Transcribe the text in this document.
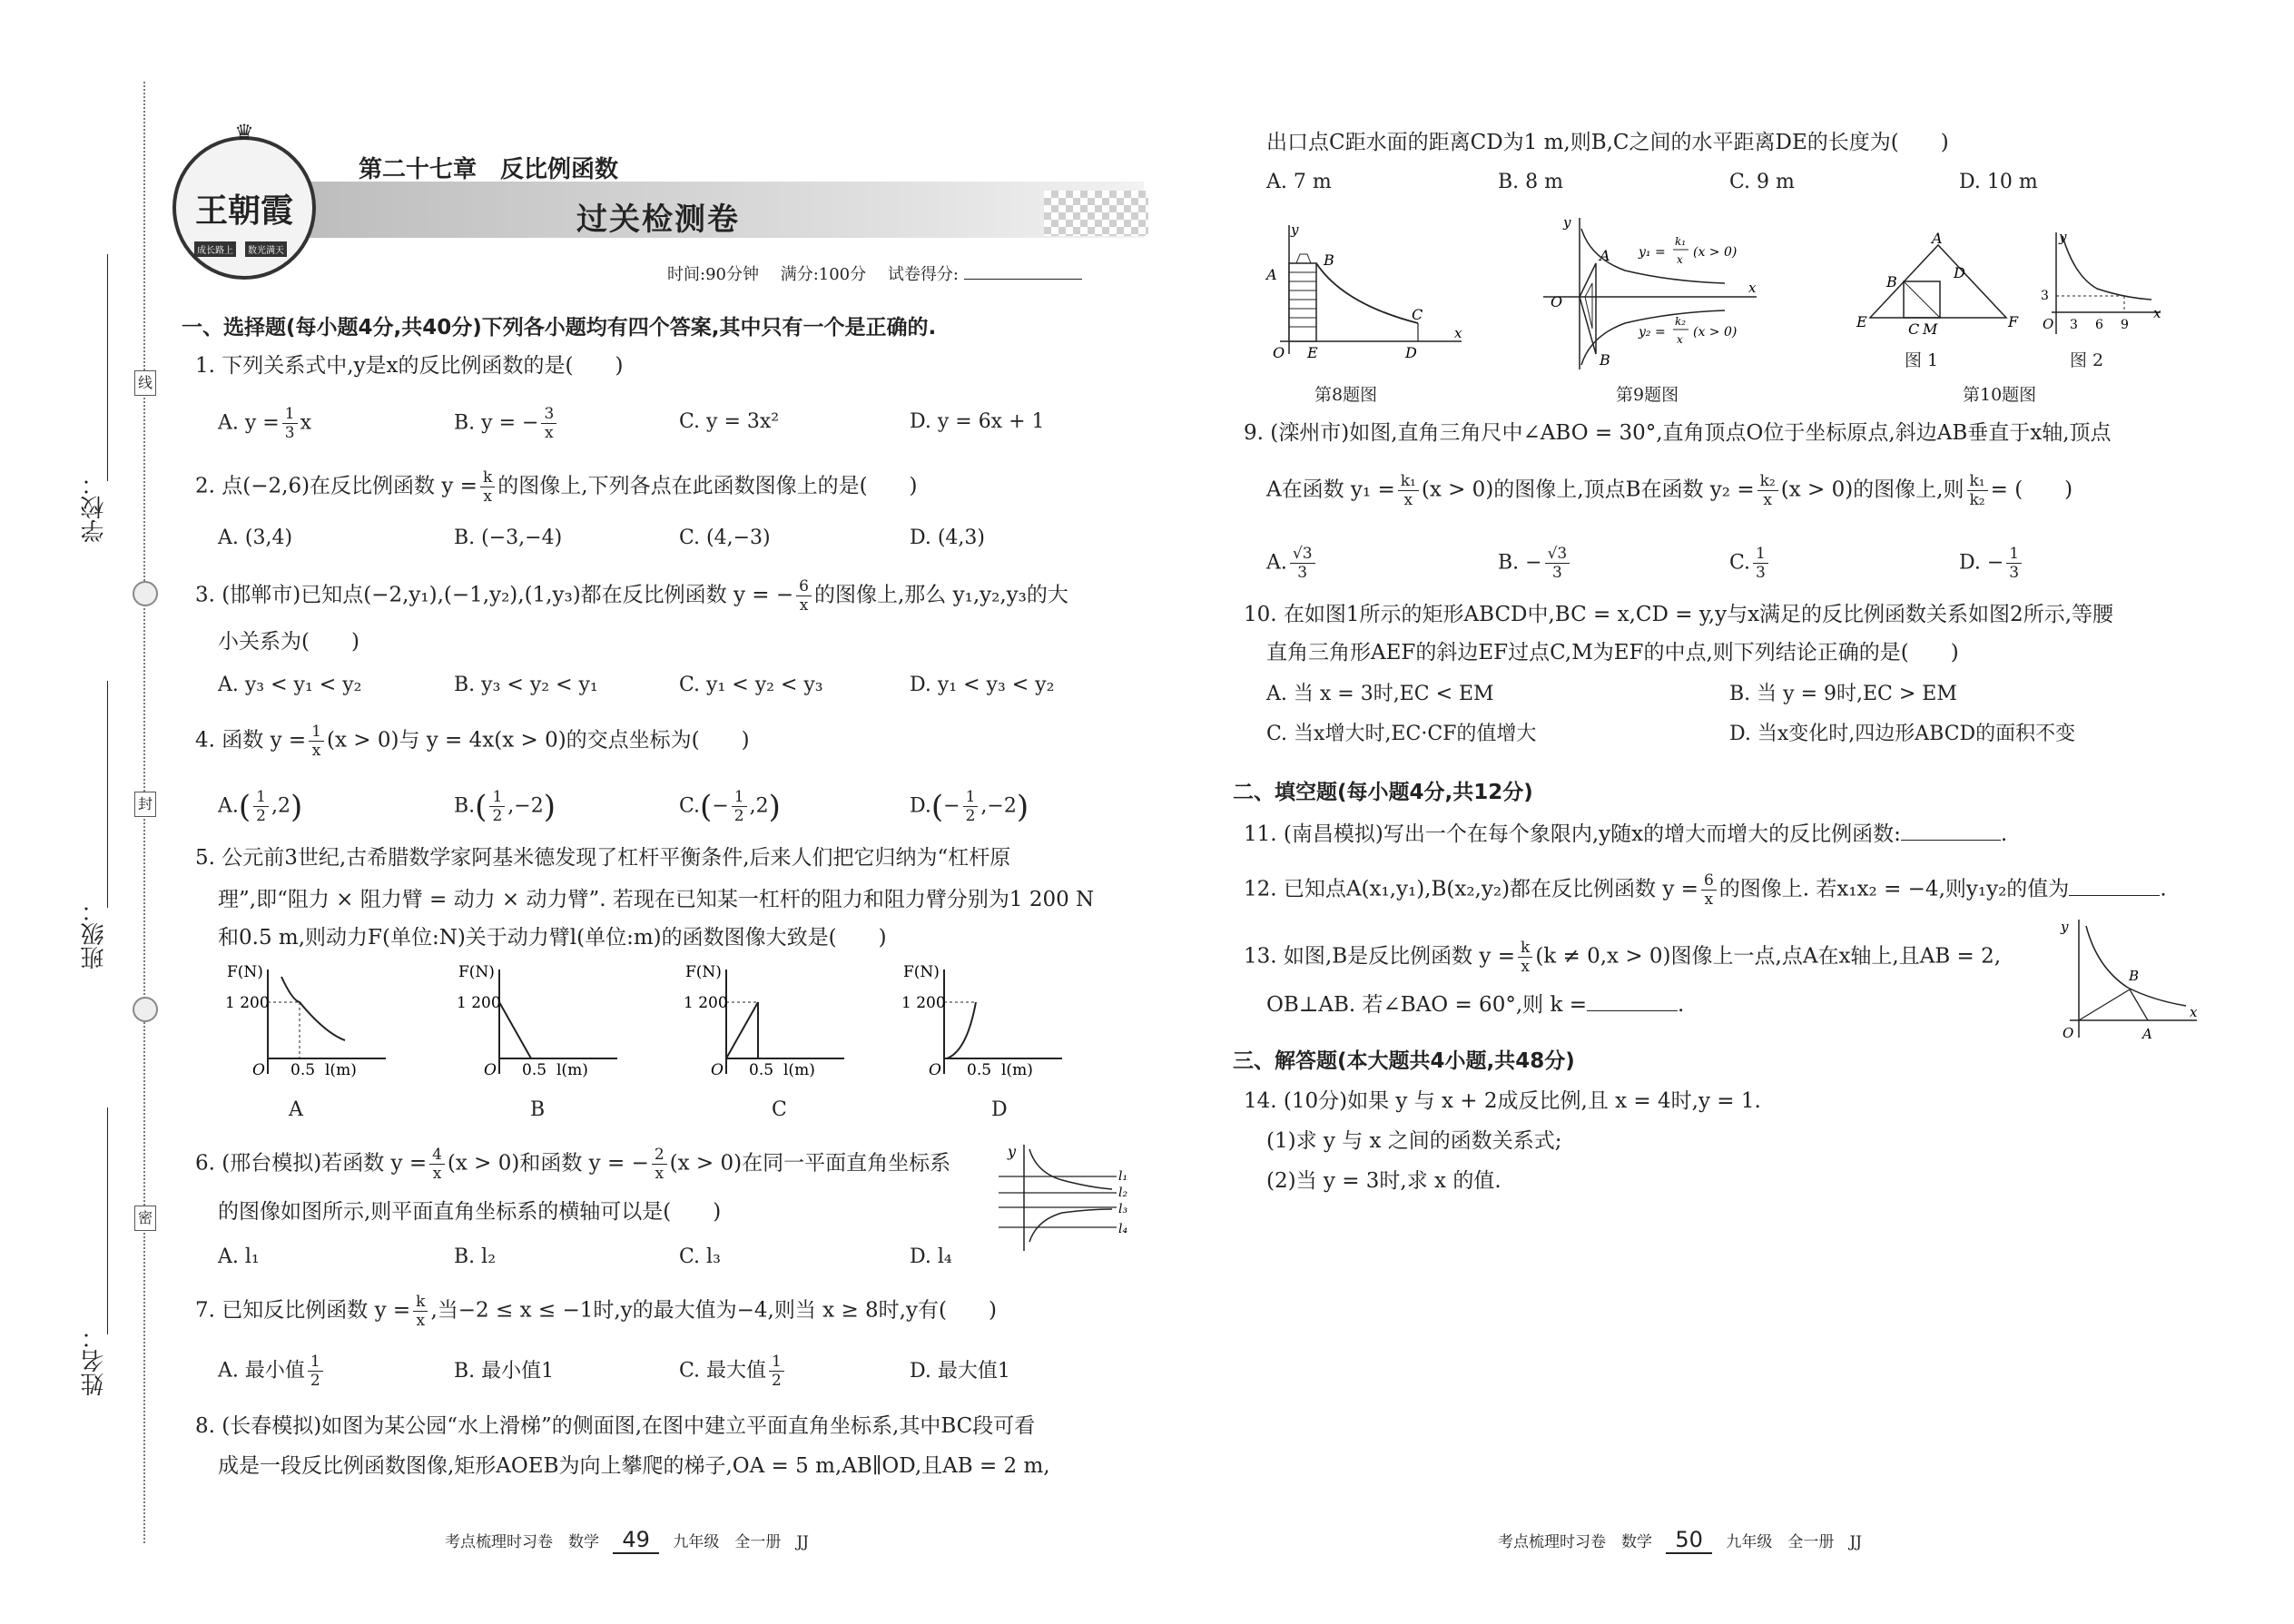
学校：
班级：
姓名：
线
封
密
♛
王朝霞
成长路上	数光满天
第二十七章　反比例函数
过关检测卷
时间:90分钟　 满分:100分　 试卷得分:
一、选择题(每小题4分,共40分)下列各小题均有四个答案,其中只有一个是正确的.
1. 下列关系式中,y是x的反比例函数的是(　　)
A. $y = \frac{1}{3}$ x	B. y = − $\frac{3}{x}$	C. y = 3x²	D. y = 6x + 1
2. 点(−2,6)在反比例函数 $y = \frac{k}{x}$ 的图像上,下列各点在此函数图像上的是(　　)
A. (3,4)	B. (−3,−4)	C. (4,−3)	D. (4,3)
3. (邯郸市)已知点(−2,y₁),(−1,y₂),(1,y₃)都在反比例函数 y = − $\frac{6}{x}$ 的图像上,那么 y₁,y₂,y₃的大
小关系为(　　)
A. y₃ < y₁ < y₂	B. y₃ < y₂ < y₁	C. y₁ < y₂ < y₃	D. y₁ < y₃ < y₂
4. 函数 $y = \frac{1}{x} (x > 0)$与 y = 4x(x > 0)的交点坐标为(　　)
$A.( \frac{1}{2} ,2)$	$B.( \frac{1}{2} ,-2)$	$C.(- \frac{1}{2} ,2)$	$D.(- \frac{1}{2} ,-2)$
5. 公元前3世纪,古希腊数学家阿基米德发现了杠杆平衡条件,后来人们把它归纳为“杠杆原
理”,即“阻力 × 阻力臂 = 动力 × 动力臂”. 若现在已知某一杠杆的阻力和阻力臂分别为1 200 N
和0.5 m,则动力F(单位:N)关于动力臂l(单位:m)的函数图像大致是(　　)
F(N)
1 200
O 0.5 l(m)
F(N)
1 200
O 0.5 l(m)
F(N)
1 200
O 0.5 l(m)
F(N)
1 200
O 0.5 l(m)
A	B	C	D
6. (邢台模拟)若函数 $y = \frac{4}{x} (x > 0)$和函数 y = − $\frac{2}{x} (x > 0)$在同一平面直角坐标系
的图像如图所示,则平面直角坐标系的横轴可以是(　　)
A. l₁	B. l₂	C. l₃	D. l₄
y
l₁
l₂
l₃
l₄
7. 已知反比例函数 $y = \frac{k}{x}$ ,当−2 ≤ x ≤ −1时,y的最大值为−4,则当 x ≥ 8时,y有(　　)
A. 最小值 $\frac{1}{2}$	B. 最小值1	C. 最大值 $\frac{1}{2}$	D. 最大值1
8. (长春模拟)如图为某公园“水上滑梯”的侧面图,在图中建立平面直角坐标系,其中BC段可看
成是一段反比例函数图像,矩形AOEB为向上攀爬的梯子,OA = 5 m,AB∥OD,且AB = 2 m,
考点梳理时习卷　数学 49 九年级　全一册　JJ
出口点C距水面的距离CD为1 m,则B,C之间的水平距离DE的长度为(　　)
A. 7 m	B. 8 m	C. 9 m	D. 10 m
y
x
A
B
O E	D
C
第8题图
y
x
O
A
B
y₁ =
k₁
x (x > 0)
y₂ =
k₂
x (x > 0)
第9题图
A
B
D
E	F
C M
y
x
O
3
3 6 9
图 1	图 2
第10题图
9. (滦州市)如图,直角三角尺中∠ABO = 30°,直角顶点O位于坐标原点,斜边AB垂直于x轴,顶点
A在函数 $y_1 = \frac{\text{k₁}}{x} (x > 0)$的图像上,顶点B在函数 $y_2 = \frac{\text{k₂}}{x} (x > 0)$的图像上,则 $\frac{\text{k₁}}{\text{k₂}}$ = (　　)
A. $\frac{√3}{3}$	B. − $\frac{√3}{3}$	C. $\frac{1}{3}$	D. − $\frac{1}{3}$
10. 在如图1所示的矩形ABCD中,BC = x,CD = y,y与x满足的反比例函数关系如图2所示,等腰
直角三角形AEF的斜边EF过点C,M为EF的中点,则下列结论正确的是(　　)
A. 当 x = 3时,EC < EM	B. 当 y = 9时,EC > EM
C. 当x增大时,EC·CF的值增大	D. 当x变化时,四边形ABCD的面积不变
二、填空题(每小题4分,共12分)
11. (南昌模拟)写出一个在每个象限内,y随x的增大而增大的反比例函数:	.
12. 已知点A(x₁,y₁),B(x₂,y₂)都在反比例函数 $y = \frac{6}{x}$ 的图像上. 若x₁x₂ = −4,则y₁y₂的值为	.
13. 如图,B是反比例函数 $y = \frac{k}{x} (k \ne 0,x > 0)$图像上一点,点A在x轴上,且AB = 2,
OB⊥AB. 若∠BAO = 60°,则 k =	.
y
x
O	A
B
三、解答题(本大题共4小题,共48分)
14. (10分)如果 y 与 x + 2成反比例,且 x = 4时,y = 1.
(1)求 y 与 x 之间的函数关系式;
(2)当 y = 3时,求 x 的值.
考点梳理时习卷　数学 50 九年级　全一册　JJ
